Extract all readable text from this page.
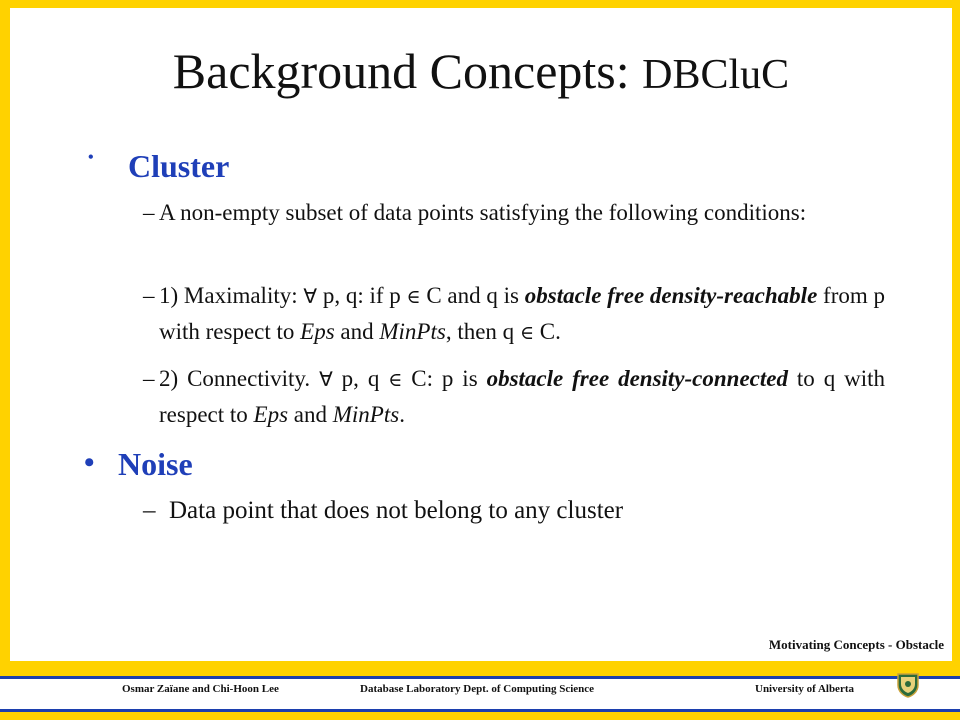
Background Concepts: DBCluC
• Cluster
– A non-empty subset of data points satisfying the following conditions:
– 1) Maximality: ∀ p, q: if p ∈ C and q is obstacle free density-reachable from p with respect to Eps and MinPts, then q ∈ C.
– 2) Connectivity. ∀ p, q ∈ C: p is obstacle free density-connected to q with respect to Eps and MinPts.
• Noise
– Data point that does not belong to any cluster
Motivating Concepts - Obstacle
Osmar Zaïane and Chi-Hoon Lee	Database Laboratory Dept. of Computing Science	University of Alberta
